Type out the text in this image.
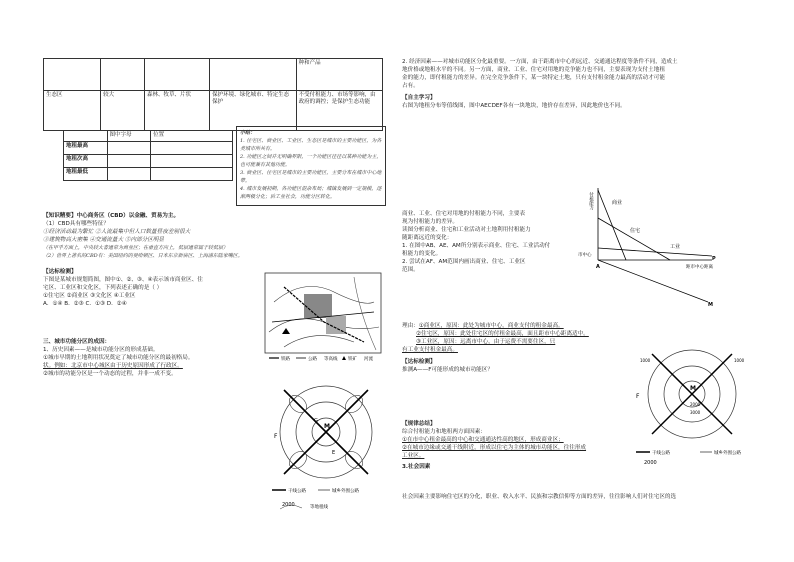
				种和产品
生态区	较大	森林、牧草、片状	保护环境、绿化城市、特定生态保护	不受付租能力、市场等影响，由政府的调控；是保护生态功能
	图中字母	位置
地租最高		
地租次高		
地租最低		
小结：
1. 住宅区、商业区、工业区、生态区是城市的主要功能区，为各类城市所共有。
2. 功能区之间并无明确界限，一个功能区往往以某种功能为主，也可能兼有其他功能。
3. 商业区、住宅区是城市的主要功能区，主要分布在城市中心地带。
4. 城市发展初期，各功能区混杂布局；城镇发展到一定规模，逐渐两极分化；后工业社会，功能分区转化。
【知识精要】中心商务区（CBD）以金融、贸易为主。
（1）CBD具有哪些特征？
①经济活动最为繁忙 ②人流最集中但人口数量昼夜差别很大
③建筑物高大密集 ④交通流量大 ⑤内部分区明显
（在甲乎方面上，中央较大者通常为商业区；在垂直方向上，低层通常属于较低层）
（2）世界上著名的CBD有：美国纽约的曼哈顿区、日本东京新宿区、上海浦东陆家嘴区。
【达标检测】
下图是某城市规划简图，图中①、②、③、④表示该市商业区、住
宅区、工业区和文化区，下列表述正确的是（ ）
①住宅区 ②商业区 ③文化区 ④工业区
A．①④ B．②③ C．①③ D．②④
铁路	公路 等高线 铁矿 河流
三、城市功能分区的成因：
1、历史因素——是城市功能分区的形成基础。
①城市早期的土地利用状况奠定了城市功能分区的最初格局。
状。例如：北京市中心城区由于历史原因形成了行政区。
②城市的功能分区是一个动态的过程，并非一成不变。
M
G
F
E
干线公路	城乡外围公路
2000	等地租线
2. 经济因素——对城市功能区分化最重要。一方面，由于距离市中心的远近、交通通达程度等条件不同，造成土
地价格或地租水平的不同。另一方面，商业、工业、住宅对用地的竞争能力也不同，主要表现为支付土地租
金的能力，即付租能力的差异。在完全竞争条件下，某一块特定土地，只有支付租金能力最高的活动才可能
占有。
【自主学习】
右图为地租分布等值线图，图中AECDEF各有一块地块，地价存在差异，因此地价也不同。
商业、工业、住宅对用地的付租能力不同，主要表
现为付租能力的差异。
读图分析商业、住宅和工业活动对土地利用付租能力
随距离远近的变化：
1. 在图中AB、AE、AM所分别表示商业、住宅、工业活动付
租能力的变化。
2. 尝试在AF、AM范围内画出商业、住宅、工业区
范围。
付租能力	商业
住宅
工业
A
P
M
市中心
距市中心距离
理由：①商业区，原因：此处为城市中心，商业支付的租金最高。
②住宅区，原因：此处住宅区的付租金最高，面且距市中心距离适中。
③工业区，原因：远离市中心，由于运费不需要住区，只
有工业支付租金最高。
【达标检测】
推测A——F可能形成的城市功能区？
M
F
1000
2000
3000
1000
干线公路	城乡外围公路
2000
【规律总结】
综合付租能力和地租两方面因素：
①在市中心租金最高的中心和交通通达性高的地区，形成商业区；
②在城市边缘或交通干线附近，形成以住宅为主体的城市功能区，往往形成
工业区。
3.社会因素
社会因素主要影响住宅区的分化，职业、收入水平、民族和宗教信仰等方面的差异，往往影响人们对住宅区的选
